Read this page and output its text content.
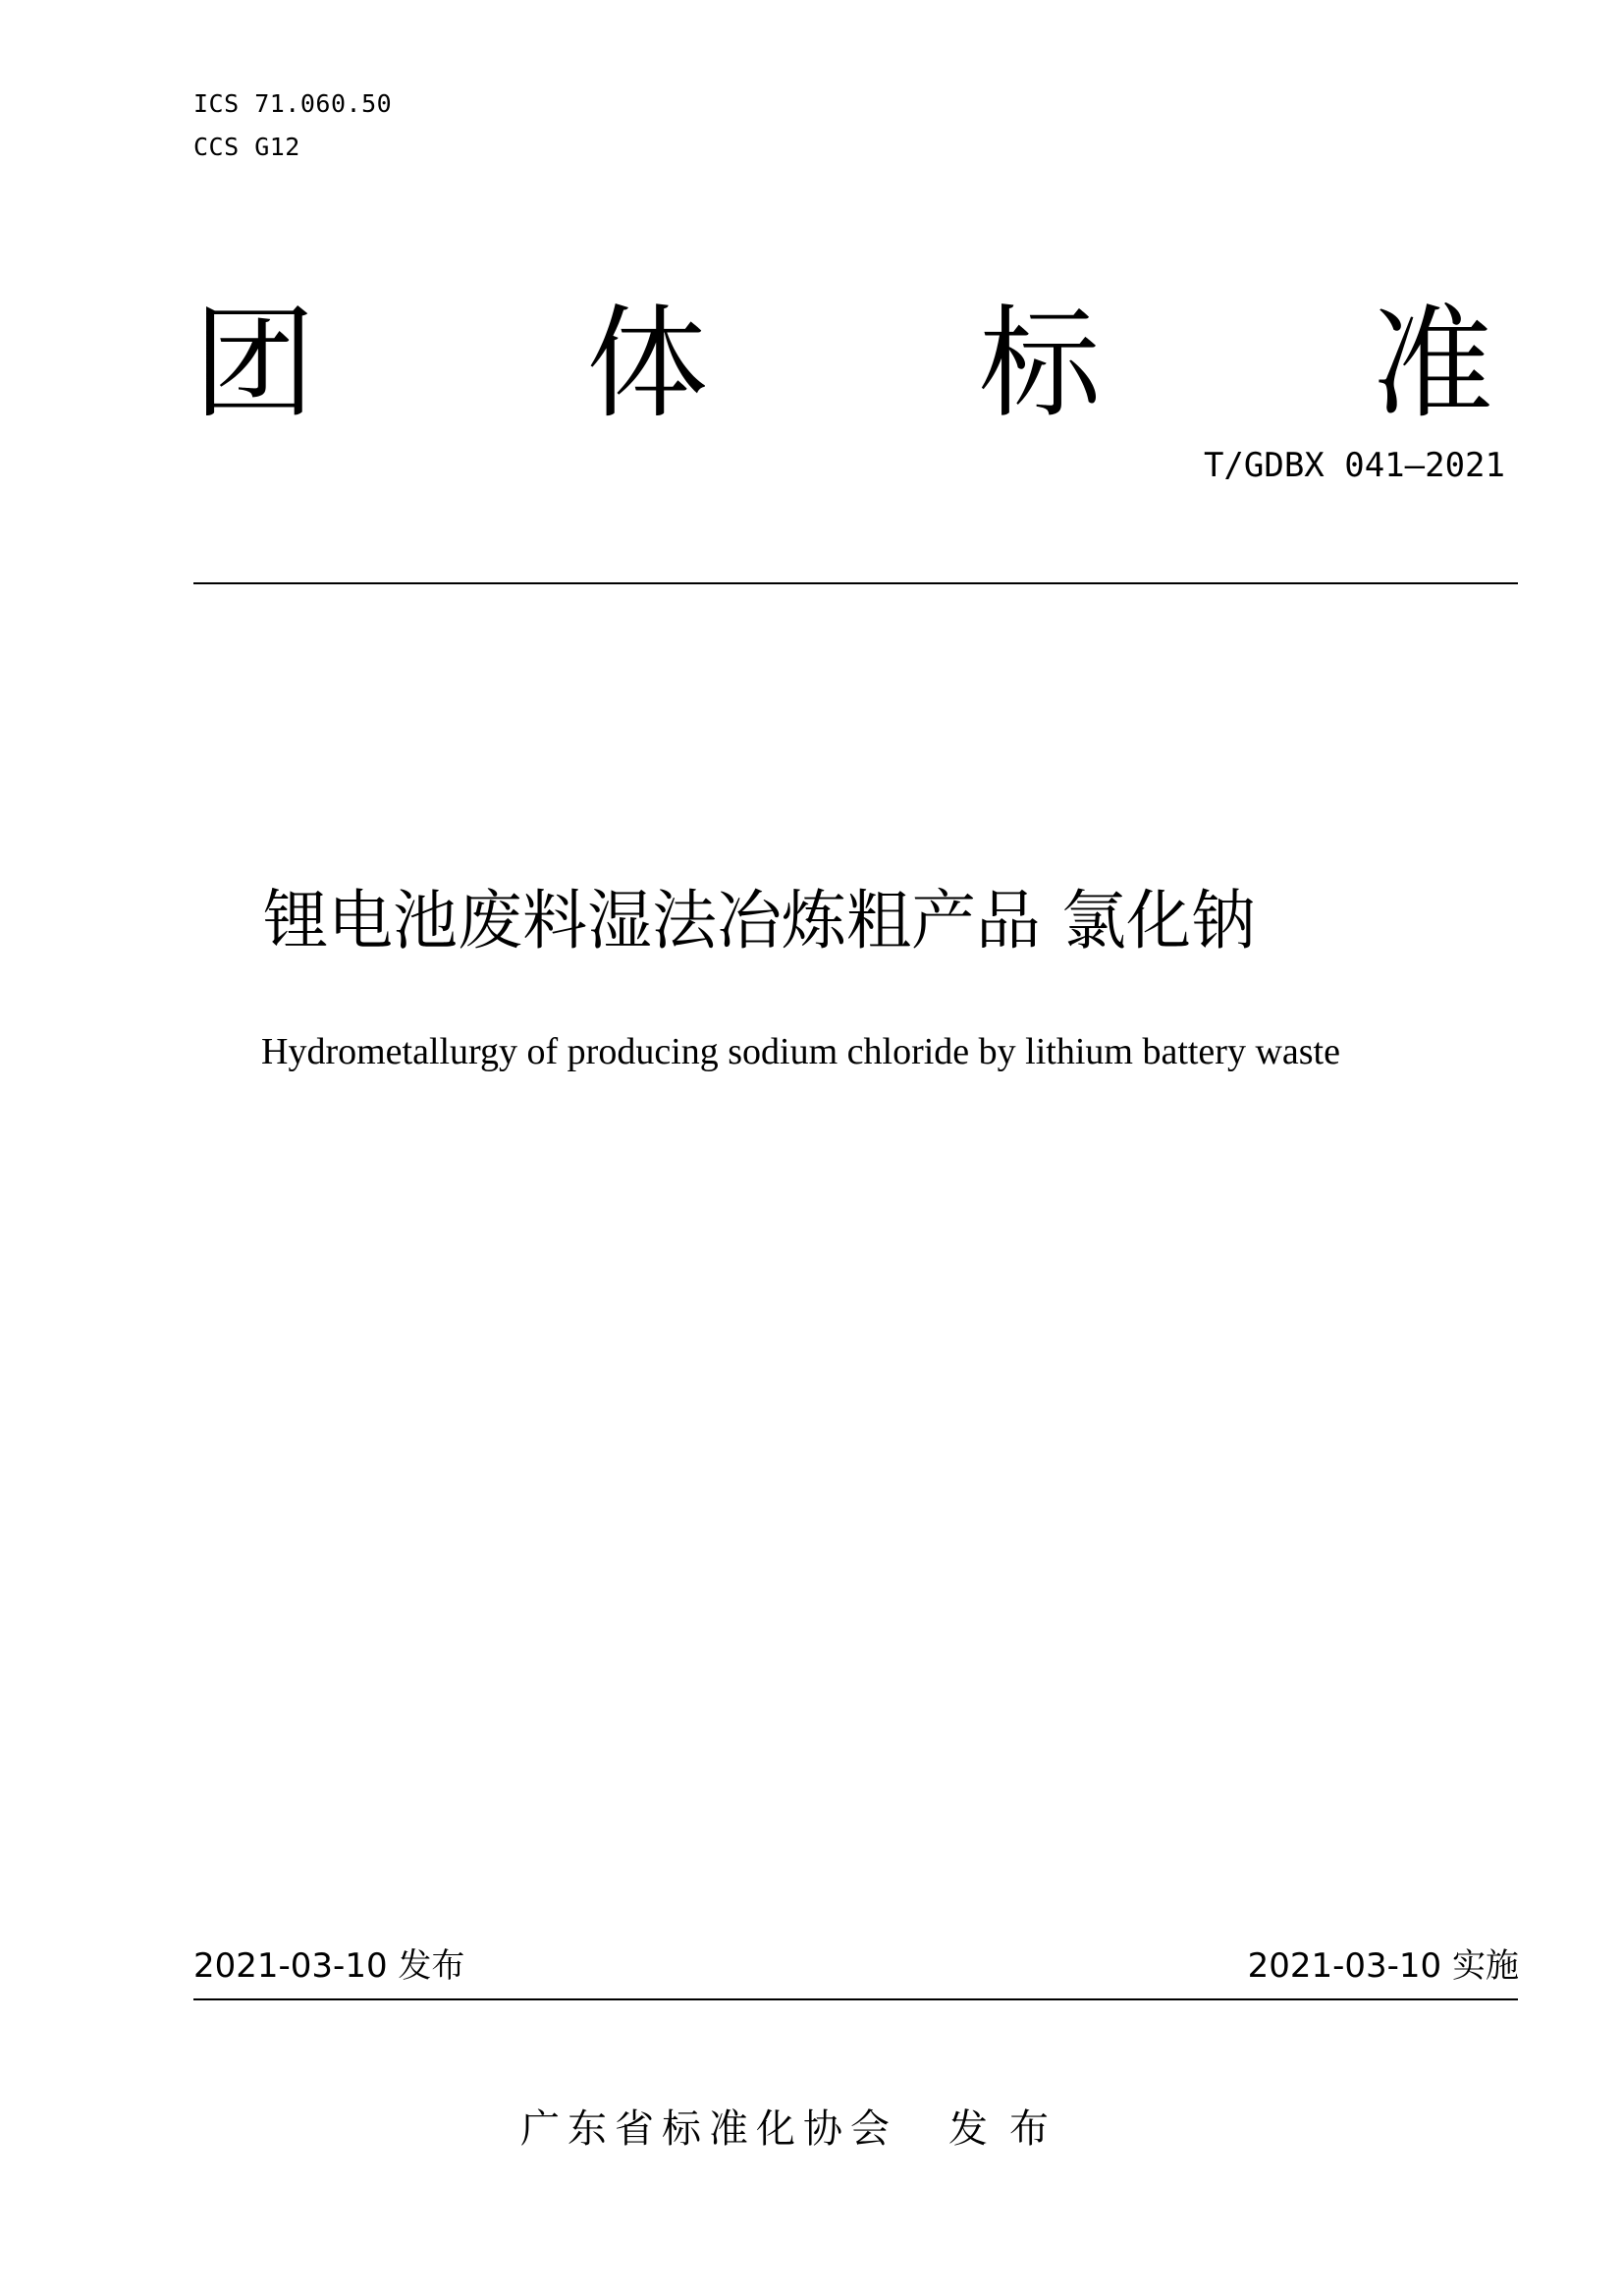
ICS 71.060.50
CCS G12
团 体 标 准
T/GDBX 041—2021
锂电池废料湿法冶炼粗产品 氯化钠
Hydrometallurgy of producing sodium chloride by lithium battery waste
2021-03-10 发布	2021-03-10 实施
广东省标准化协会 发布
